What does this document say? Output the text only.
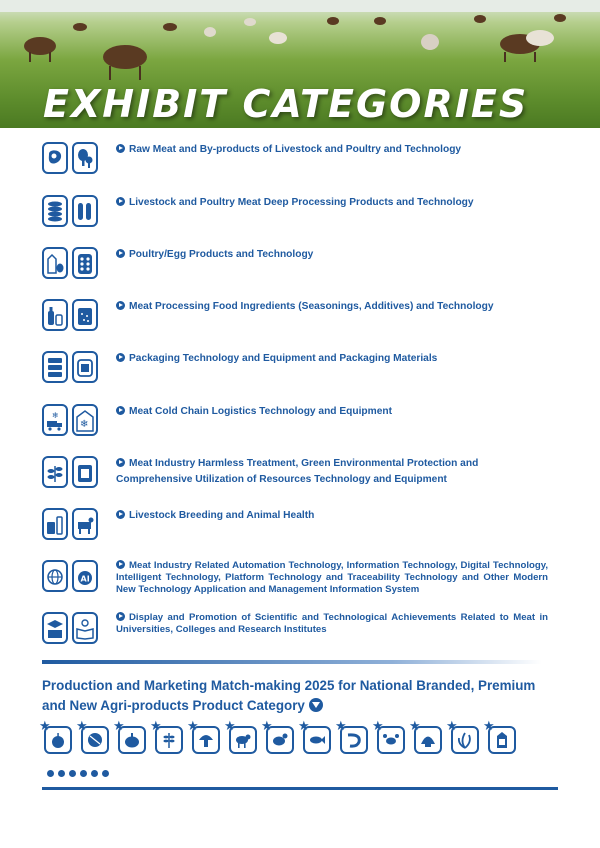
EXHIBIT CATEGORIES
Raw Meat and By-products of Livestock and Poultry and Technology
Livestock and Poultry Meat Deep Processing Products and Technology
Poultry/Egg Products and Technology
Meat Processing Food Ingredients (Seasonings, Additives) and Technology
Packaging Technology and Equipment and Packaging Materials
❄
❄
Meat Cold Chain Logistics Technology and Equipment
Meat Industry Harmless Treatment, Green Environmental Protection and Comprehensive Utilization of Resources Technology and Equipment
Livestock Breeding and Animal Health
AI
Meat Industry Related Automation Technology, Information Technology, Digital Technology, Intelligent Technology, Platform Technology and Traceability Technology and Other Modern New Technology Application and Management Information System
Display and Promotion of Scientific and Technological Achievements Related to Meat in Universities, Colleges and Research Institutes
Production and Marketing Match-making 2025 for National Branded, Premium and New Agri-products Product Category
★ ★ ★ ★ ★ ★ ★ ★ ★ ★ ★ ★ ★
